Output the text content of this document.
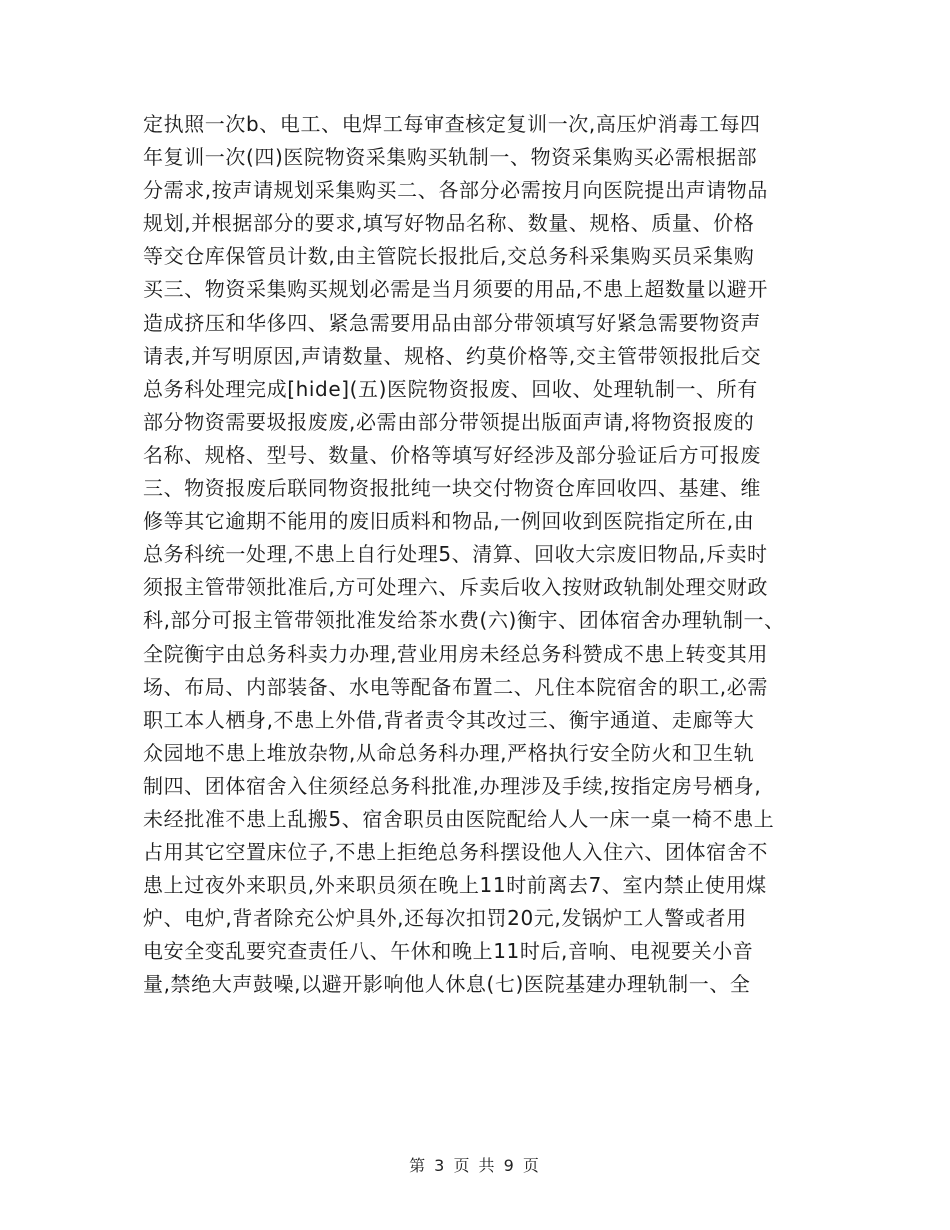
定执照一次b、电工、电焊工每审查核定复训一次,高压炉消毒工每四
年复训一次(四)医院物资采集购买轨制一、物资采集购买必需根据部
分需求,按声请规划采集购买二、各部分必需按月向医院提出声请物品
规划,并根据部分的要求,填写好物品名称、数量、规格、质量、价格
等交仓库保管员计数,由主管院长报批后,交总务科采集购买员采集购
买三、物资采集购买规划必需是当月须要的用品,不患上超数量以避开
造成挤压和华侈四、紧急需要用品由部分带领填写好紧急需要物资声
请表,并写明原因,声请数量、规格、约莫价格等,交主管带领报批后交
总务科处理完成[hide](五)医院物资报废、回收、处理轨制一、所有
部分物资需要圾报废废,必需由部分带领提出版面声请,将物资报废的
名称、规格、型号、数量、价格等填写好经涉及部分验证后方可报废
三、物资报废后联同物资报批纯一块交付物资仓库回收四、基建、维
修等其它逾期不能用的废旧质料和物品,一例回收到医院指定所在,由
总务科统一处理,不患上自行处理5、清算、回收大宗废旧物品,斥卖时
须报主管带领批准后,方可处理六、斥卖后收入按财政轨制处理交财政
科,部分可报主管带领批准发给茶水费(六)衡宇、团体宿舍办理轨制一、
全院衡宇由总务科卖力办理,营业用房未经总务科赞成不患上转变其用
场、布局、内部装备、水电等配备布置二、凡住本院宿舍的职工,必需
职工本人栖身,不患上外借,背者责令其改过三、衡宇通道、走廊等大
众园地不患上堆放杂物,从命总务科办理,严格执行安全防火和卫生轨
制四、团体宿舍入住须经总务科批准,办理涉及手续,按指定房号栖身,
未经批准不患上乱搬5、宿舍职员由医院配给人人一床一桌一椅不患上
占用其它空置床位子,不患上拒绝总务科摆设他人入住六、团体宿舍不
患上过夜外来职员,外来职员须在晚上11时前离去7、室内禁止使用煤
炉、电炉,背者除充公炉具外,还每次扣罚20元,发锅炉工人警或者用
电安全变乱要究查责任八、午休和晚上11时后,音响、电视要关小音
量,禁绝大声鼓噪,以避开影响他人休息(七)医院基建办理轨制一、全
第 3 页 共 9 页
